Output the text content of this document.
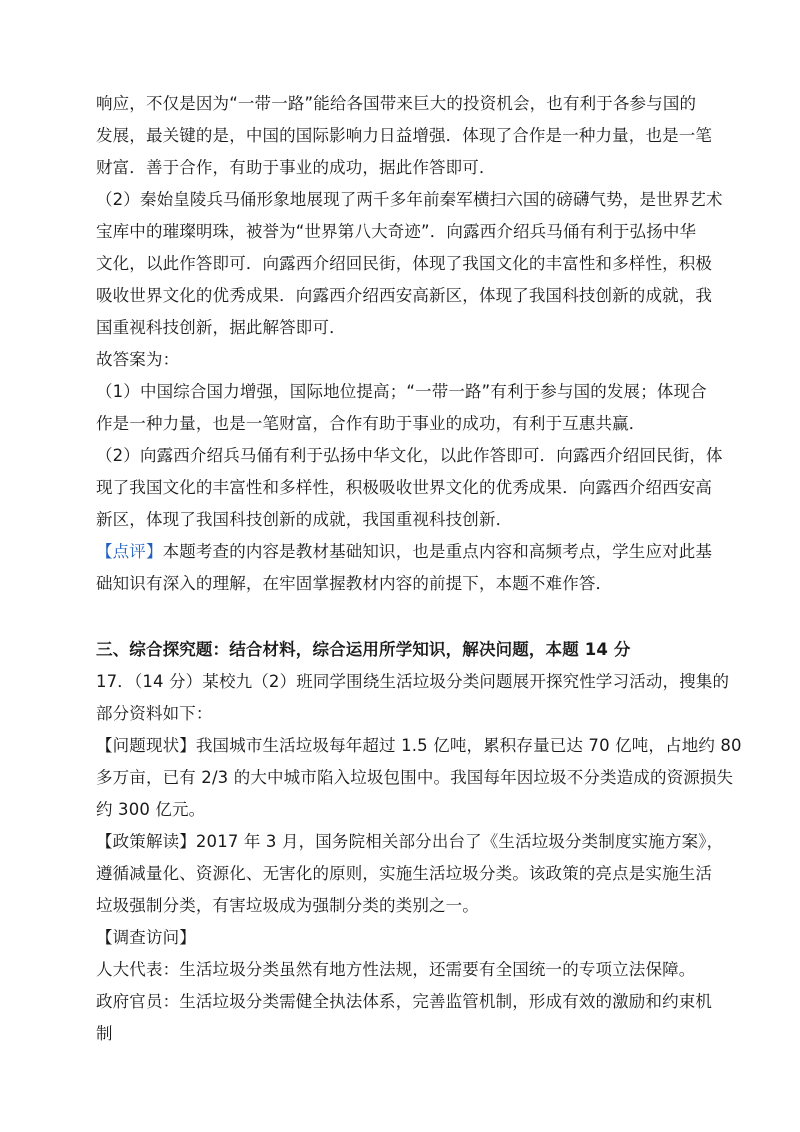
响应，不仅是因为“一带一路”能给各国带来巨大的投资机会，也有利于各参与国的
发展，最关键的是，中国的国际影响力日益增强．体现了合作是一种力量，也是一笔
财富．善于合作，有助于事业的成功，据此作答即可．
（2）秦始皇陵兵马俑形象地展现了两千多年前秦军横扫六国的磅礴气势，是世界艺术
宝库中的璀璨明珠，被誉为“世界第八大奇迹”．向露西介绍兵马俑有利于弘扬中华
文化，以此作答即可．向露西介绍回民街，体现了我国文化的丰富性和多样性，积极
吸收世界文化的优秀成果．向露西介绍西安高新区，体现了我国科技创新的成就，我
国重视科技创新，据此解答即可．
故答案为：
（1）中国综合国力增强，国际地位提高；“一带一路”有利于参与国的发展；体现合
作是一种力量，也是一笔财富，合作有助于事业的成功，有利于互惠共赢．
（2）向露西介绍兵马俑有利于弘扬中华文化，以此作答即可．向露西介绍回民街，体
现了我国文化的丰富性和多样性，积极吸收世界文化的优秀成果．向露西介绍西安高
新区，体现了我国科技创新的成就，我国重视科技创新．
【点评】本题考查的内容是教材基础知识，也是重点内容和高频考点，学生应对此基
础知识有深入的理解，在牢固掌握教材内容的前提下，本题不难作答．
三、综合探究题：结合材料，综合运用所学知识，解决问题，本题 14 分
17．（14 分）某校九（2）班同学围绕生活垃圾分类问题展开探究性学习活动，搜集的
部分资料如下：
【问题现状】我国城市生活垃圾每年超过 1.5 亿吨，累积存量已达 70 亿吨，占地约 80
多万亩，已有 2/3 的大中城市陷入垃圾包围中。我国每年因垃圾不分类造成的资源损失
约 300 亿元。
【政策解读】2017 年 3 月，国务院相关部分出台了《生活垃圾分类制度实施方案》，
遵循减量化、资源化、无害化的原则，实施生活垃圾分类。该政策的亮点是实施生活
垃圾强制分类，有害垃圾成为强制分类的类别之一。
【调查访问】
人大代表：生活垃圾分类虽然有地方性法规，还需要有全国统一的专项立法保障。
政府官员：生活垃圾分类需健全执法体系，完善监管机制，形成有效的激励和约束机
制
